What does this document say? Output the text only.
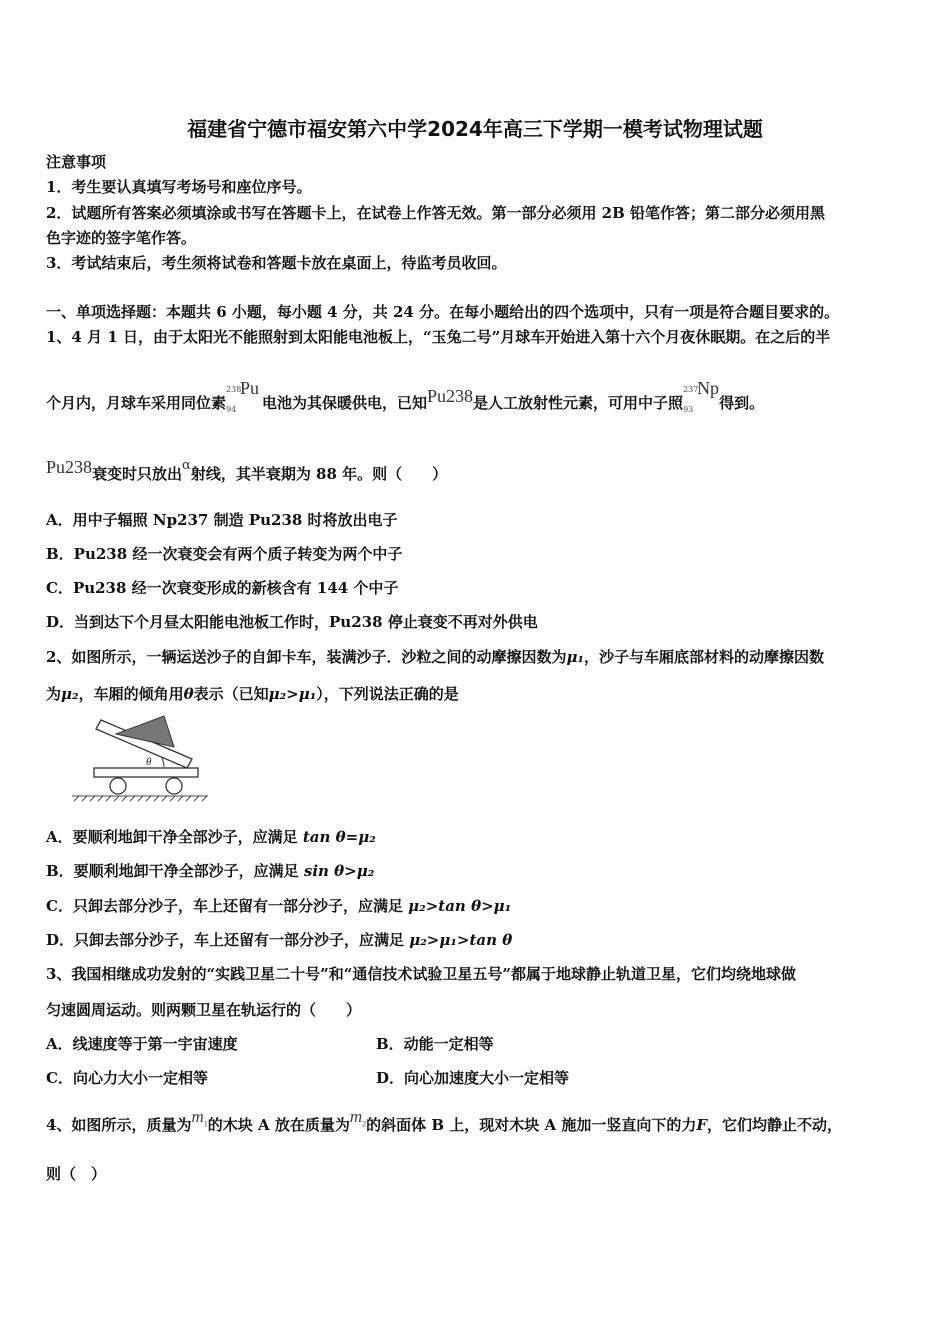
福建省宁德市福安第六中学2024年高三下学期一模考试物理试题
注意事项
1．考生要认真填写考场号和座位序号。
2．试题所有答案必须填涂或书写在答题卡上，在试卷上作答无效。第一部分必须用 2B 铅笔作答；第二部分必须用黑
色字迹的签字笔作答。
3．考试结束后，考生须将试卷和答题卡放在桌面上，待监考员收回。
一、单项选择题：本题共 6 小题，每小题 4 分，共 24 分。在每小题给出的四个选项中，只有一项是符合题目要求的。
1、4 月 1 日，由于太阳光不能照射到太阳能电池板上，“玉兔二号”月球车开始进入第十六个月夜休眠期。在之后的半
个月内，月球车采用同位素
238
94
Pu
电池为其保暖供电，已知Pu238是人工放射性元素，可用中子照
237
93
Np
得到。
Pu238衰变时只放出α射线，其半衰期为 88 年。则（　　）
A．用中子辐照 Np237 制造 Pu238 时将放出电子
B．Pu238 经一次衰变会有两个质子转变为两个中子
C．Pu238 经一次衰变形成的新核含有 144 个中子
D．当到达下个月昼太阳能电池板工作时，Pu238 停止衰变不再对外供电
2、如图所示，一辆运送沙子的自卸卡车，装满沙子．沙粒之间的动摩擦因数为μ₁，沙子与车厢底部材料的动摩擦因数
为μ₂，车厢的倾角用θ表示（已知μ₂>μ₁），下列说法正确的是
θ
A．要顺利地卸干净全部沙子，应满足 tan θ=μ₂
B．要顺利地卸干净全部沙子，应满足 sin θ>μ₂
C．只卸去部分沙子，车上还留有一部分沙子，应满足 μ₂>tan θ>μ₁
D．只卸去部分沙子，车上还留有一部分沙子，应满足 μ₂>μ₁>tan θ
3、我国相继成功发射的“实践卫星二十号”和“通信技术试验卫星五号”都属于地球静止轨道卫星，它们均绕地球做
匀速圆周运动。则两颗卫星在轨运行的（　　）
A．线速度等于第一宇宙速度	B．动能一定相等
C．向心力大小一定相等	D．向心加速度大小一定相等
4、如图所示，质量为$m_1$的木块 A 放在质量为$m_2$的斜面体 B 上，现对木块 A 施加一竖直向下的力F，它们均静止不动，
则（　）
